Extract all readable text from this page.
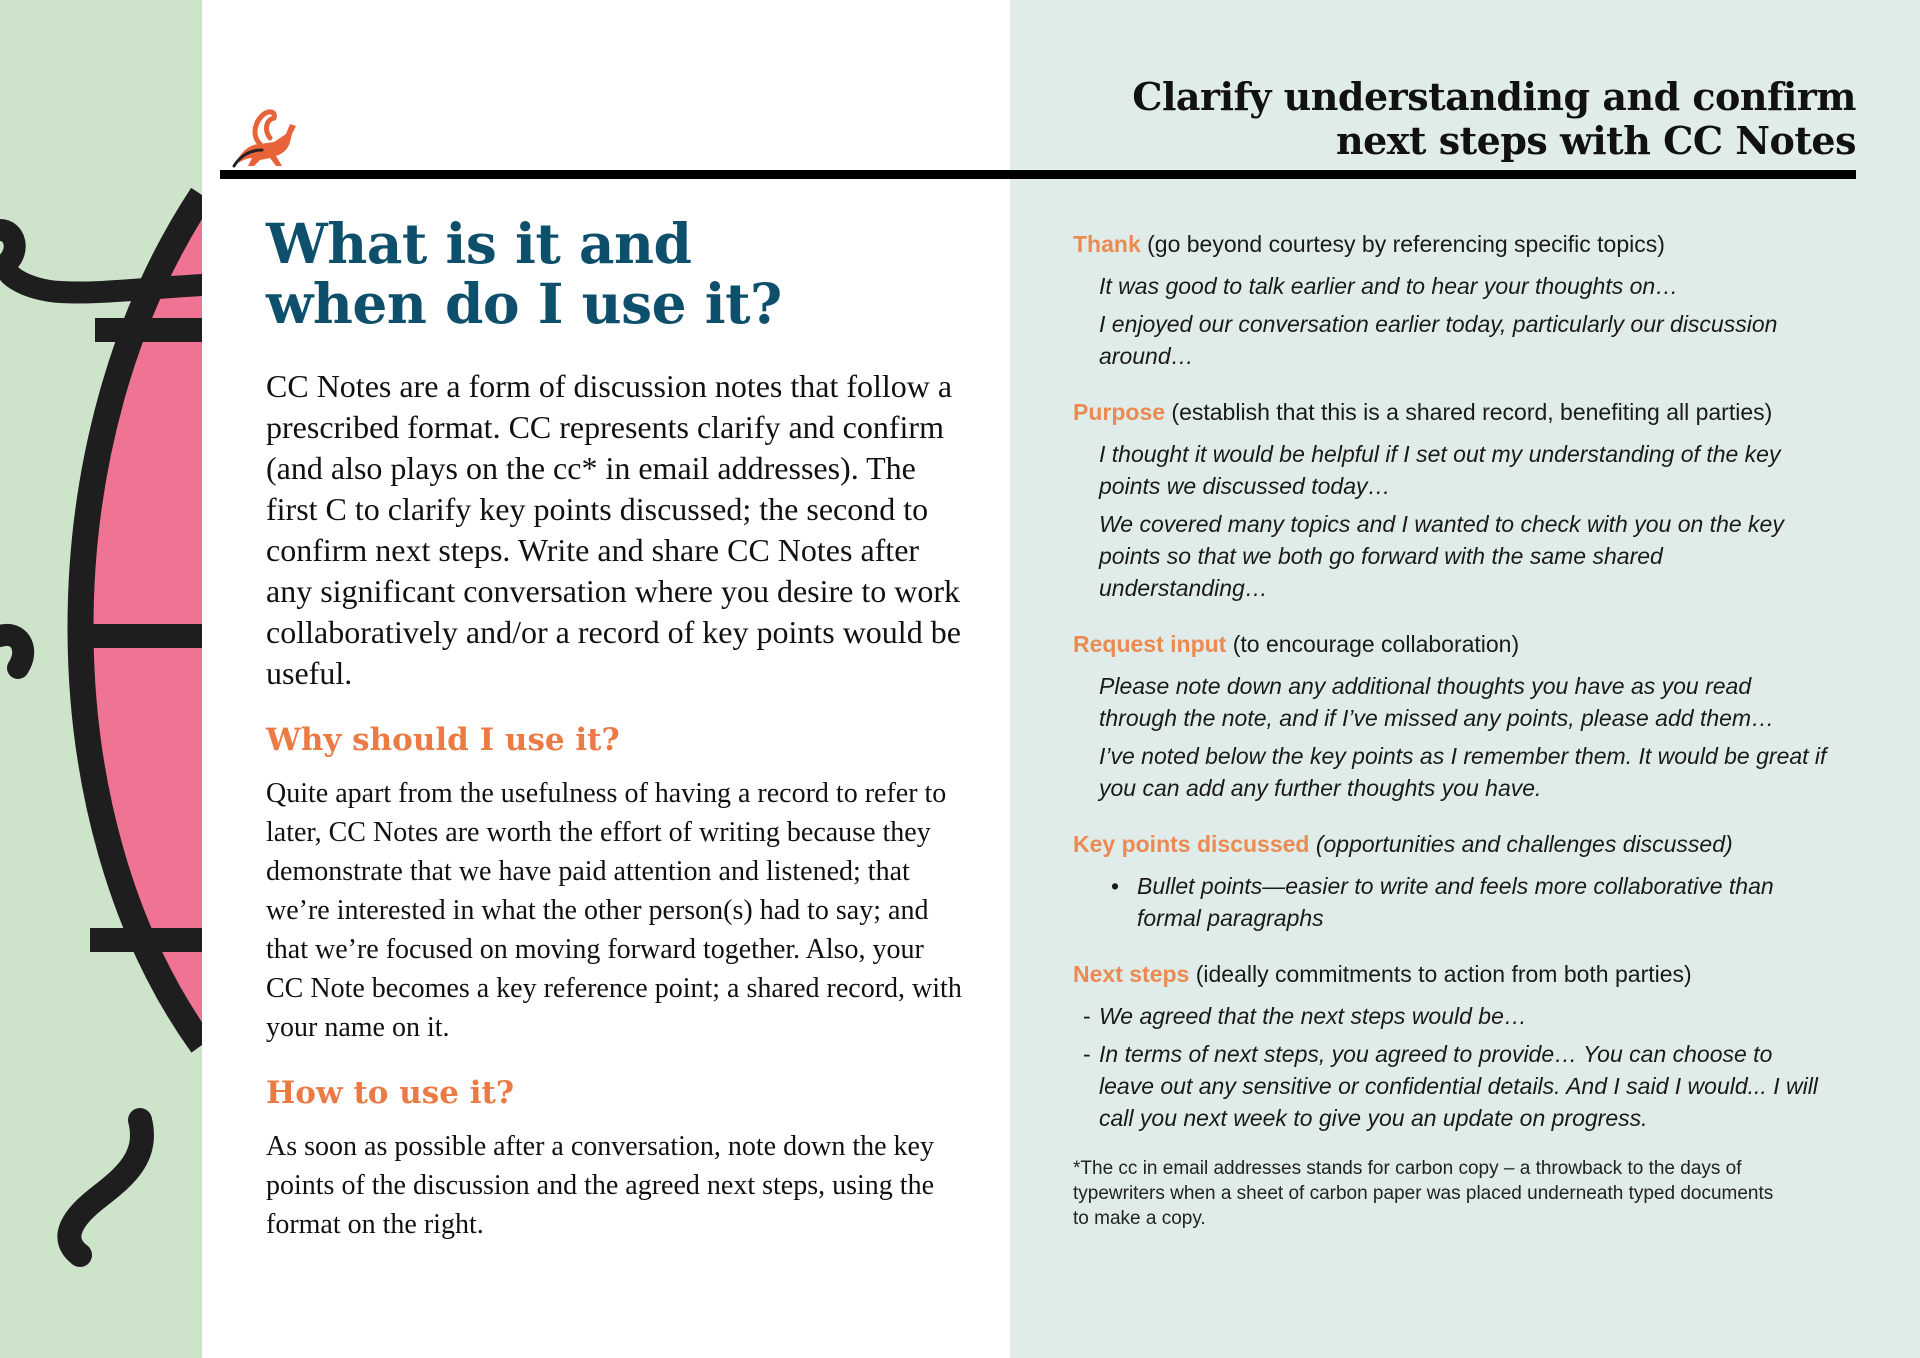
Clarify understanding and confirm
next steps with CC Notes
What is it and
when do I use it?

CC Notes are a form of discussion notes that follow a prescribed format. CC represents clarify and confirm (and also plays on the cc* in email addresses). The first C to clarify key points discussed; the second to confirm next steps. Write and share CC Notes after any significant conversation where you desire to work collaboratively and/or a record of key points would be useful.

Why should I use it?

Quite apart from the usefulness of having a record to refer to later, CC Notes are worth the effort of writing because they demonstrate that we have paid attention and listened; that we’re interested in what the other person(s) had to say; and that we’re focused on moving forward together. Also, your CC Note becomes a key reference point; a shared record, with your name on it.

How to use it?

As soon as possible after a conversation, note down the key points of the discussion and the agreed next steps, using the format on the right.

Thank (go beyond courtesy by referencing specific topics)
It was good to talk earlier and to hear your thoughts on…
I enjoyed our conversation earlier today, particularly our discussion around…
Purpose (establish that this is a shared record, benefiting all parties)
I thought it would be helpful if I set out my understanding of the key points we discussed today…
We covered many topics and I wanted to check with you on the key points so that we both go forward with the same shared understanding…
Request input (to encourage collaboration)
Please note down any additional thoughts you have as you read through the note, and if I’ve missed any points, please add them…
I’ve noted below the key points as I remember them. It would be great if you can add any further thoughts you have.
Key points discussed (opportunities and challenges discussed)
• Bullet points—easier to write and feels more collaborative than formal paragraphs
Next steps (ideally commitments to action from both parties)
- We agreed that the next steps would be…
- In terms of next steps, you agreed to provide… You can choose to leave out any sensitive or confidential details. And I said I would... I will call you next week to give you an update on progress.
*The cc in email addresses stands for carbon copy – a throwback to the days of typewriters when a sheet of carbon paper was placed underneath typed documents to make a copy.
